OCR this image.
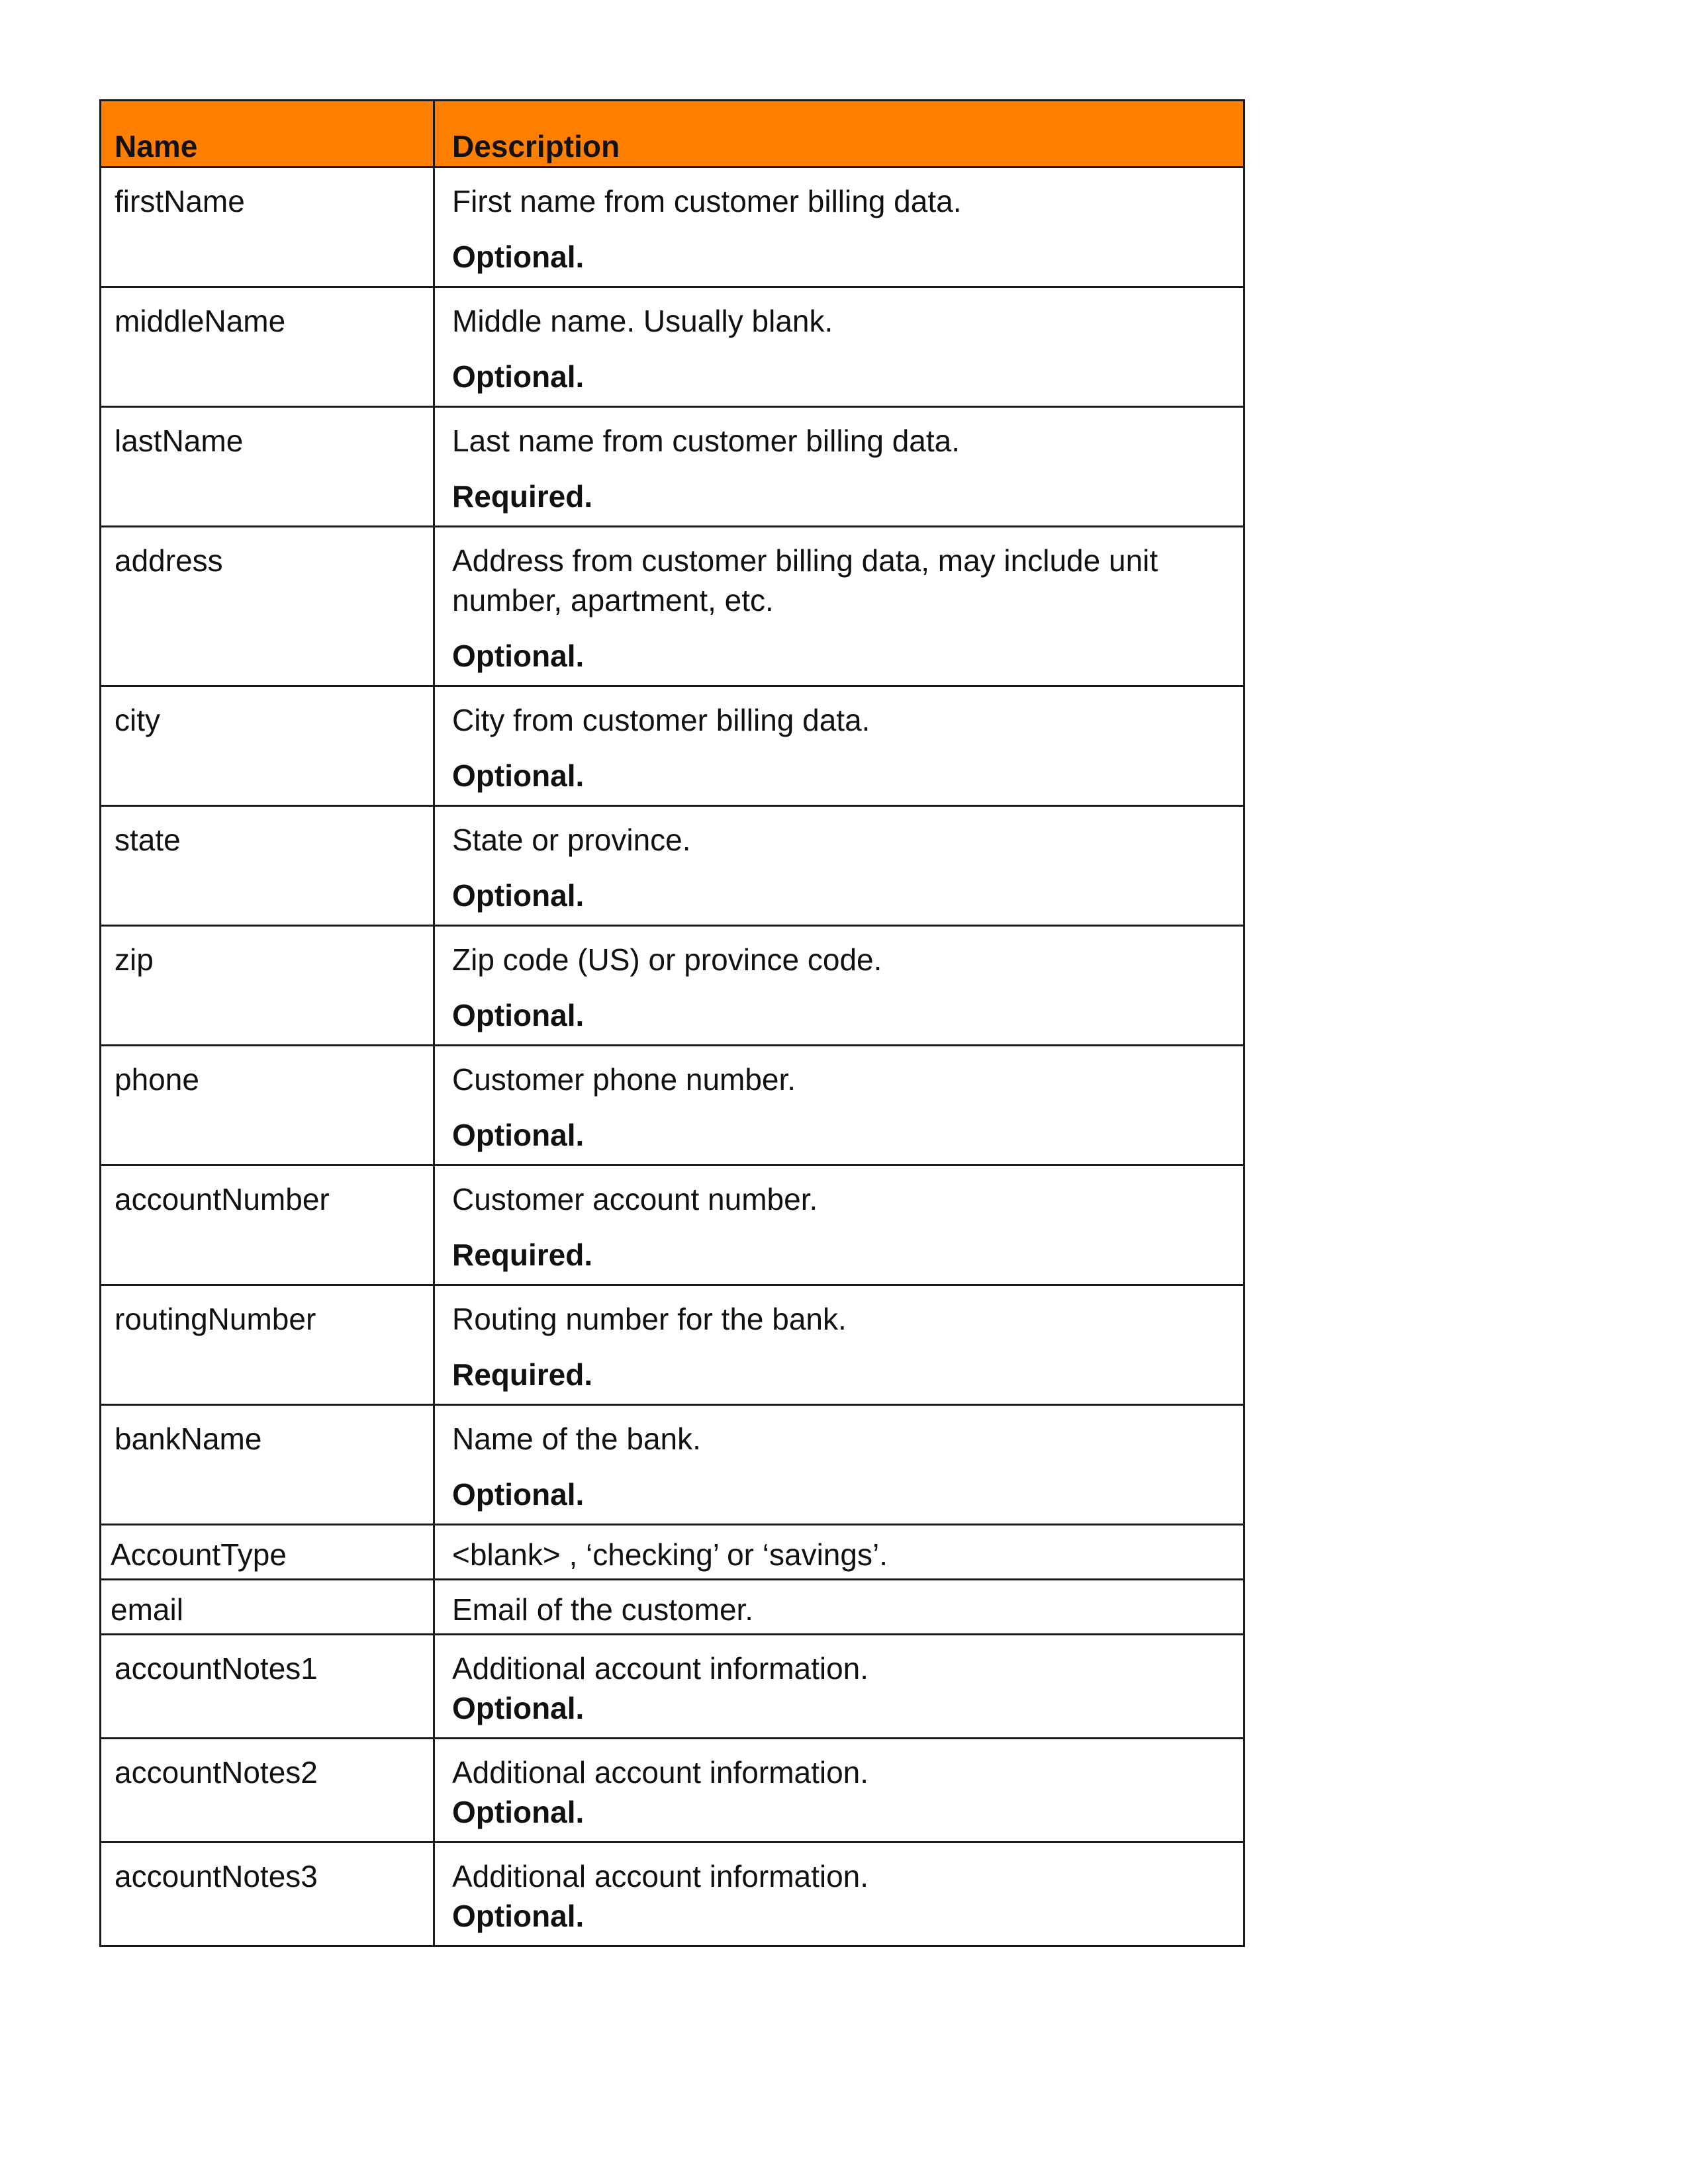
Name	Description
firstName	First name from customer billing data.
Optional.

middleName	Middle name. Usually blank.
Optional.

lastName	Last name from customer billing data.
Required.

address	Address from customer billing data, may include unit number, apartment, etc.
Optional.

city	City from customer billing data.
Optional.

state	State or province.
Optional.

zip	Zip code (US) or province code.
Optional.

phone	Customer phone number.
Optional.

accountNumber	Customer account number.
Required.

routingNumber	Routing number for the bank.
Required.

bankName	Name of the bank.
Optional.

AccountType	<blank> , ‘checking’ or ‘savings’.

email	Email of the customer.

accountNotes1	Additional account information.
Optional.

accountNotes2	Additional account information.
Optional.

accountNotes3	Additional account information.
Optional.
